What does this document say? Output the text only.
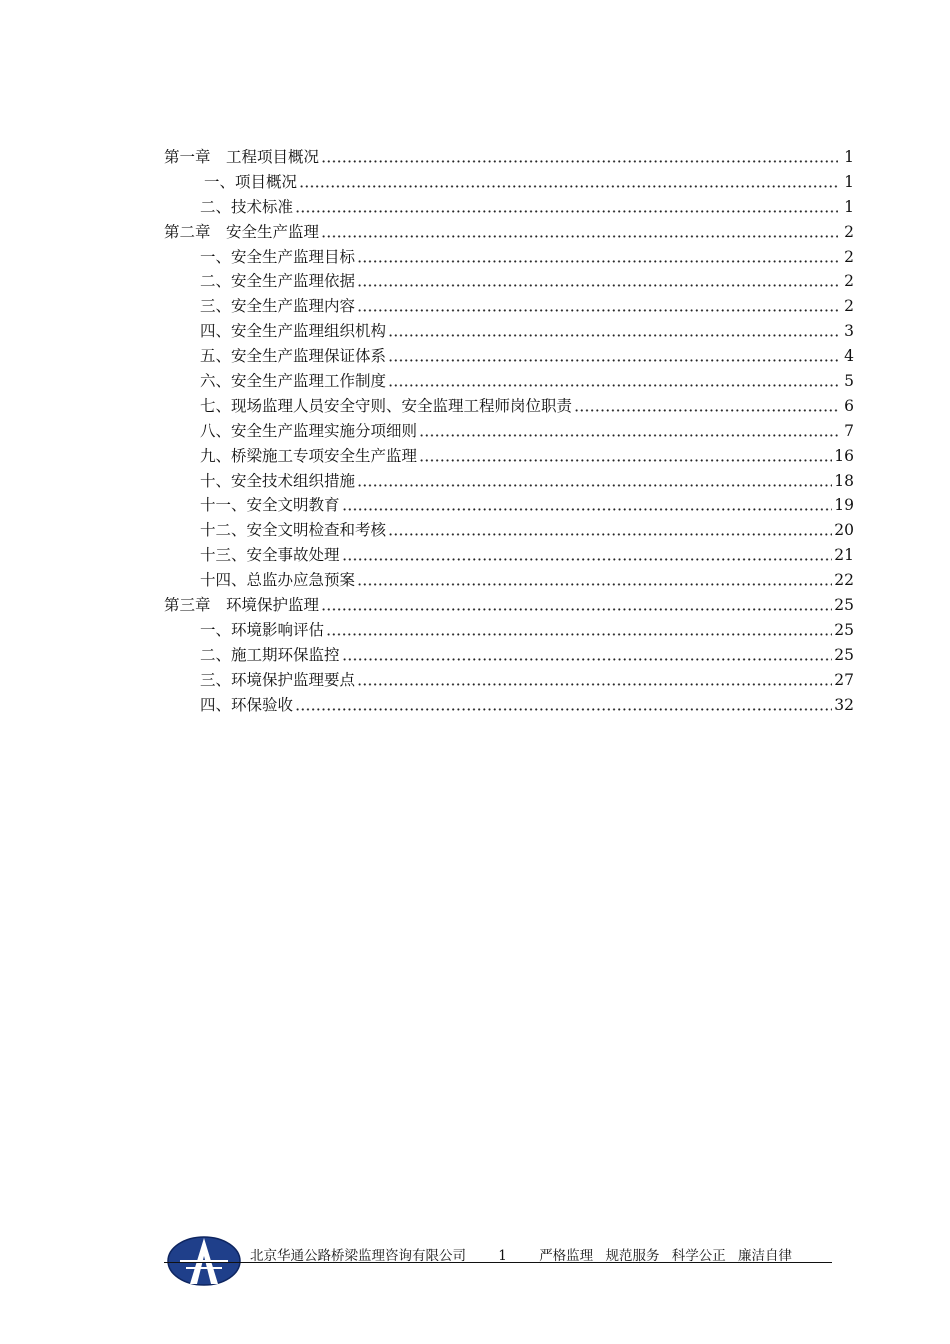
第一章　工程项目概况	1
一、项目概况	1
二、技术标准	1
第二章　安全生产监理	2
一、安全生产监理目标	2
二、安全生产监理依据	2
三、安全生产监理内容	2
四、安全生产监理组织机构	3
五、安全生产监理保证体系	4
六、安全生产监理工作制度	5
七、现场监理人员安全守则、安全监理工程师岗位职责	6
八、安全生产监理实施分项细则	7
九、桥梁施工专项安全生产监理	16
十、安全技术组织措施	18
十一、安全文明教育	19
十二、安全文明检查和考核	20
十三、安全事故处理	21
十四、总监办应急预案	22
第三章　环境保护监理	25
一、环境影响评估	25
二、施工期环保监控	25
三、环境保护监理要点	27
四、环保验收	32
北京华通公路桥梁监理咨询有限公司 1 严格监理 规范服务 科学公正 廉洁自律
